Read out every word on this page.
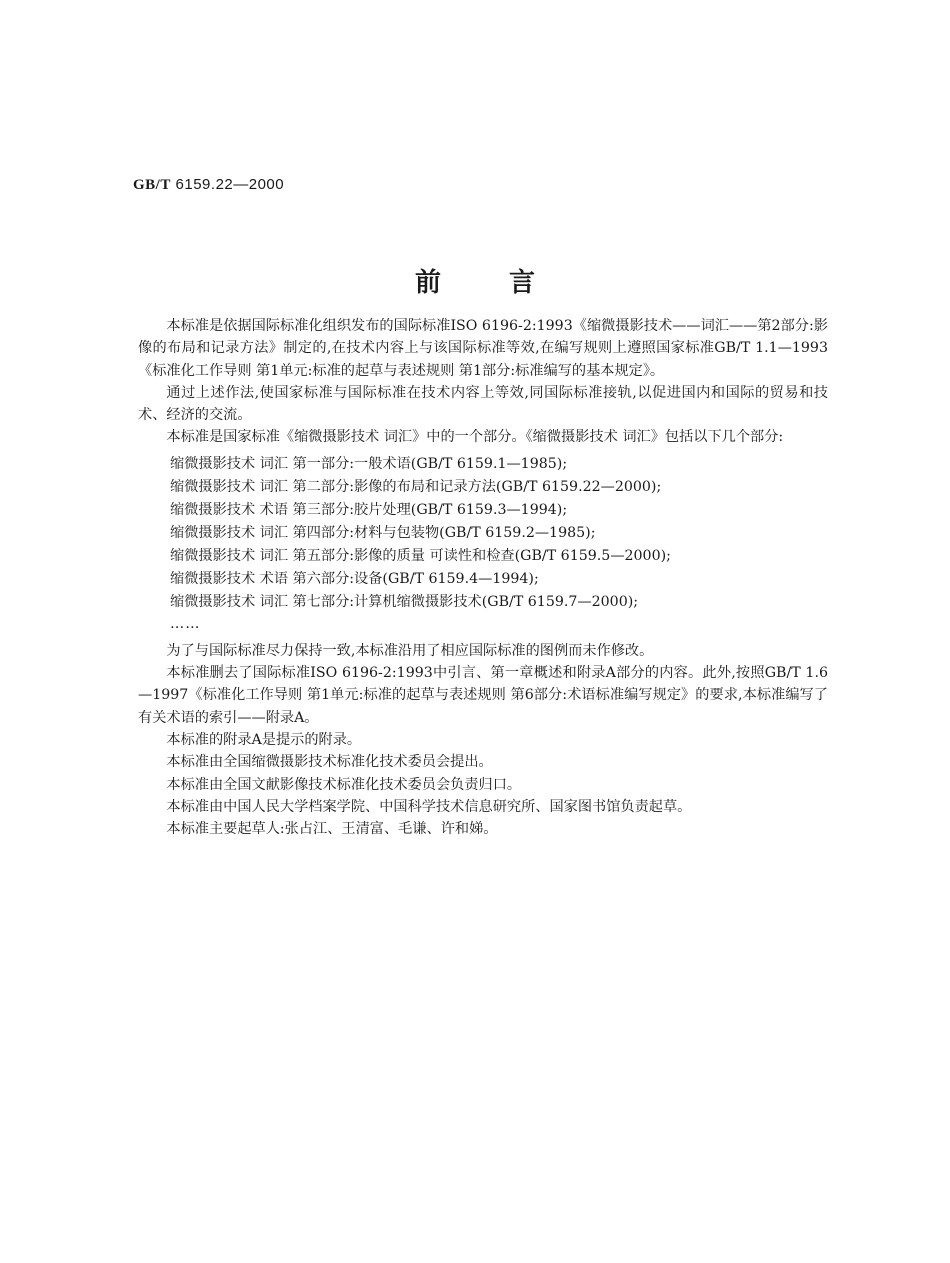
GB/T 6159.22—2000
前言

本标准是依据国际标准化组织发布的国际标准ISO 6196-2:1993《缩微摄影技术——词汇——第2部分:影像的布局和记录方法》制定的,在技术内容上与该国际标准等效,在编写规则上遵照国家标准GB/T 1.1—1993《标准化工作导则 第1单元:标准的起草与表述规则 第1部分:标准编写的基本规定》。

通过上述作法,使国家标准与国际标准在技术内容上等效,同国际标准接轨,以促进国内和国际的贸易和技术、经济的交流。

本标准是国家标准《缩微摄影技术 词汇》中的一个部分。《缩微摄影技术 词汇》包括以下几个部分:

缩微摄影技术 词汇 第一部分:一般术语(GB/T 6159.1—1985);
缩微摄影技术 词汇 第二部分:影像的布局和记录方法(GB/T 6159.22—2000);
缩微摄影技术 术语 第三部分:胶片处理(GB/T 6159.3—1994);
缩微摄影技术 词汇 第四部分:材料与包装物(GB/T 6159.2—1985);
缩微摄影技术 词汇 第五部分:影像的质量 可读性和检查(GB/T 6159.5—2000);
缩微摄影技术 术语 第六部分:设备(GB/T 6159.4—1994);
缩微摄影技术 词汇 第七部分:计算机缩微摄影技术(GB/T 6159.7—2000);
……

为了与国际标准尽力保持一致,本标准沿用了相应国际标准的图例而未作修改。

本标准删去了国际标准ISO 6196-2:1993中引言、第一章概述和附录A部分的内容。此外,按照GB/T 1.6—1997《标准化工作导则 第1单元:标准的起草与表述规则 第6部分:术语标准编写规定》的要求,本标准编写了有关术语的索引——附录A。

本标准的附录A是提示的附录。

本标准由全国缩微摄影技术标准化技术委员会提出。

本标准由全国文献影像技术标准化技术委员会负责归口。

本标准由中国人民大学档案学院、中国科学技术信息研究所、国家图书馆负责起草。

本标准主要起草人:张占江、王清富、毛谦、许和娣。
